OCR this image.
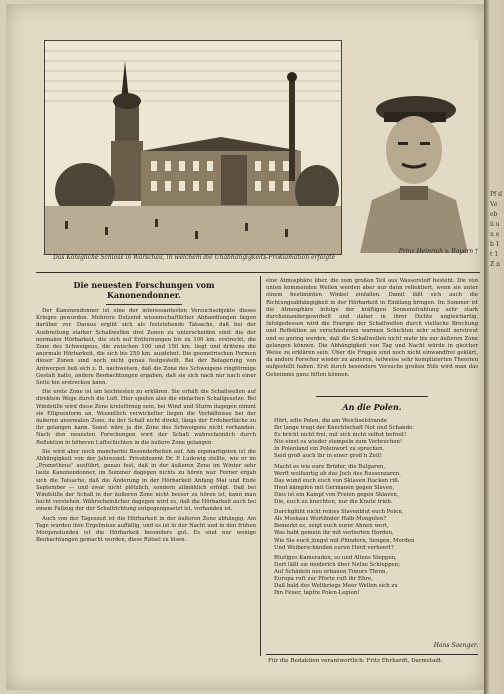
Pf d Ve eb ü un eb 1 t 1 Z n
Das Königliche Schloss in Warschau, in welchem die Unabhängigkeits-Proklamation erfolgte
Prinz Heinrich v. Bayern †
Die neuesten Forschungen vom Kanonendonner.

Der Kanonendonner ist eine der interessantesten Versuchsobjekte dieses Krieges geworden. Mehrere Dutzend wissenschaftlicher Abhandlungen liegen darüber vor. Daraus ergibt sich als feststehende Tatsache, daß bei der Ausbreitung starker Schallwellen drei Zonen zu unterscheiden sind: die der normalen Hörbarkeit, die sich auf Entfernungen bis zu 100 km. erstreckt, die Zone des Schweigens, die zwischen 100 und 150 km. liegt und drittens die anormale Hörbarkeit, die sich bis 250 km. ausdehnt. Die geometrischen Formen dieser Zonen sind noch nicht genau festgestellt. Bei der Belagerung von Antwerpen ließ sich z. B. nachweisen, daß die Zone des Schweigens ringförmige Gestalt hatte, andere Beobachtungen ergaben, daß sie sich nach nur nach einer Seite hin erstrecken kann.

Die erste Zone ist am leichtesten zu erklären. Sie erhält die Schallwellen auf direktem Wege durch die Luft. Hier spielen also die einfachen Schallgesetze. Bei Windstille wird diese Zone kreisförmig sein, bei Wind und Sturm dagegen nimmt sie Ellipsenform an. Wesentlich verwickelter liegen die Verhältnisse bei der äußeren anormalen Zone, da der Schall nicht direkt, längs der Erdoberfläche zu ihr gelangen kann. Sonst wäre ja die Zone des Schweigens nicht vorhanden. Nach den neuesten Forschungen wird der Schall wahrscheinlich durch Reflektion in höheren Luftschichten in die äußere Zone gelangen.

Sie wird aber noch mancherlei Besonderheiten auf. Am eigenartigsten ist die Abhängigkeit von der Jahreszeit. Privatdozent Dr. P. Ludewig stellte, wie er im „Prometheus" ausführt, genau fest, daß in der äußeren Zone im Winter sehr laute Kanonendonner, im Sommer dagegen nichts zu hören war. Ferner ergab sich die Tatsache, daß die Änderung in der Hörbarkeit Anfang Mai und Ende September — und zwar nicht plötzlich, sondern allmählich erfolgt. Daß bei Windstille der Schall in der äußeren Zone nicht besser zu hören ist, kann man leicht verstehen. Währscheinlicher dagegen wird es, daß die Hörbarkeit auch bei einem Fallzug der der Schallrichtung entgegengesetzt ist, vorhanden ist.

Auch von der Tageszeit ist die Hörbarkeit in der äußeren Zone abhängig. Am Tage wurden ihre Ergebnisse auffällig, und es ist in der Nacht und in den frühen Morgenstunden ist die Hörbarkeit besonders gut. Es sind nur wenige Beobachtungen gemacht worden, diese Rätsel zu lösen.

eine Atmosphäre über, die zum großen Teil aus Wasserstoff besteht. Die von unten kommenden Wellen werden aber nur dann reflektiert, wenn sie unter einem bestimmten Winkel einfallen. Damit läßt sich auch die Richtungsabhängigkeit in der Hörbarkeit in Einklang bringen. Im Sommer ist die Atmosphäre infolge der kräftigen Sonnenstrahlung sehr stark durcheinandergewirbelt und daher in ihrer Dichte ungleichartig. Infolgedessen wird die Energie der Schallwellen durch vielfache Brechung und Reflektion an verschiedenen warmen Schichten sehr schnell zerstreut und so gering werden, daß die Schallwellen nicht mehr bis zur äußeren Zone gelangen können. Die Abhängigkeit von Tag und Nacht würde in gleicher Weise zu erklären sein. Über die Fragen sind noch nicht einwandfrei geklärt, da andere Forscher wieder zu anderen, teilweise sehr komplizierten Theorien aufgestellt haben. Erst durch besondere Versuche großen Stils wird man das Geheimnis ganz lüften können.

An die Polen.
Hört, edle Polen, die am Weichselstrande
Ihr lange trugt der Knechtschaft Not und Schande:
Es bricht nicht frei, mit sich nicht selbst befreit!
Nie einst es wieder stempeln zum Verbrechen!
In Polenland ein Polenwort zu sprechen,
Seid groß auch ihr in einer groß'n Zeit!
Macht es wie eure Brüder, die Bulgaren,
Werft wolfsartig ab das Joch des Russenzaren,
Das wund euch euch von Sklaven Hacken riß.
Heut kämpfen mit Germanen gegen Slaven,
Dies ist ein Kampf von Freien gegen Sklaven,
Die, euch zu knechten, nur die Knute trieb.
Durchglüht nicht reines Slavenblut euch Polen,
Als Moskaus Wortfinder Halb-Mongolen?
Bemerkt es, zeigt euch eurer Ahnen wert,
Was habt gemein ihr mit verlierten Horden,
Wie Sie euch jüngst mit Plündern, Sengen, Morden
Und Weiberschänden euren Herd verheert?
Rüstiges Kameraden, so und Allens Steppen,
Dort läßt sie moderich über Netze Schleppen;
Auf Schädeln neu erbauen Timurs Thron,
Europa ruft zur Pforte ruft ihr Ehre,
Daß bald des Weltkriegs Meer Wellen sich zu
Ihn Feuer, tapfre Polen-Legion!
Hans Saenger.
Für die Redaktion verantwortlich: Fritz Ehrhardt, Darmstadt.
